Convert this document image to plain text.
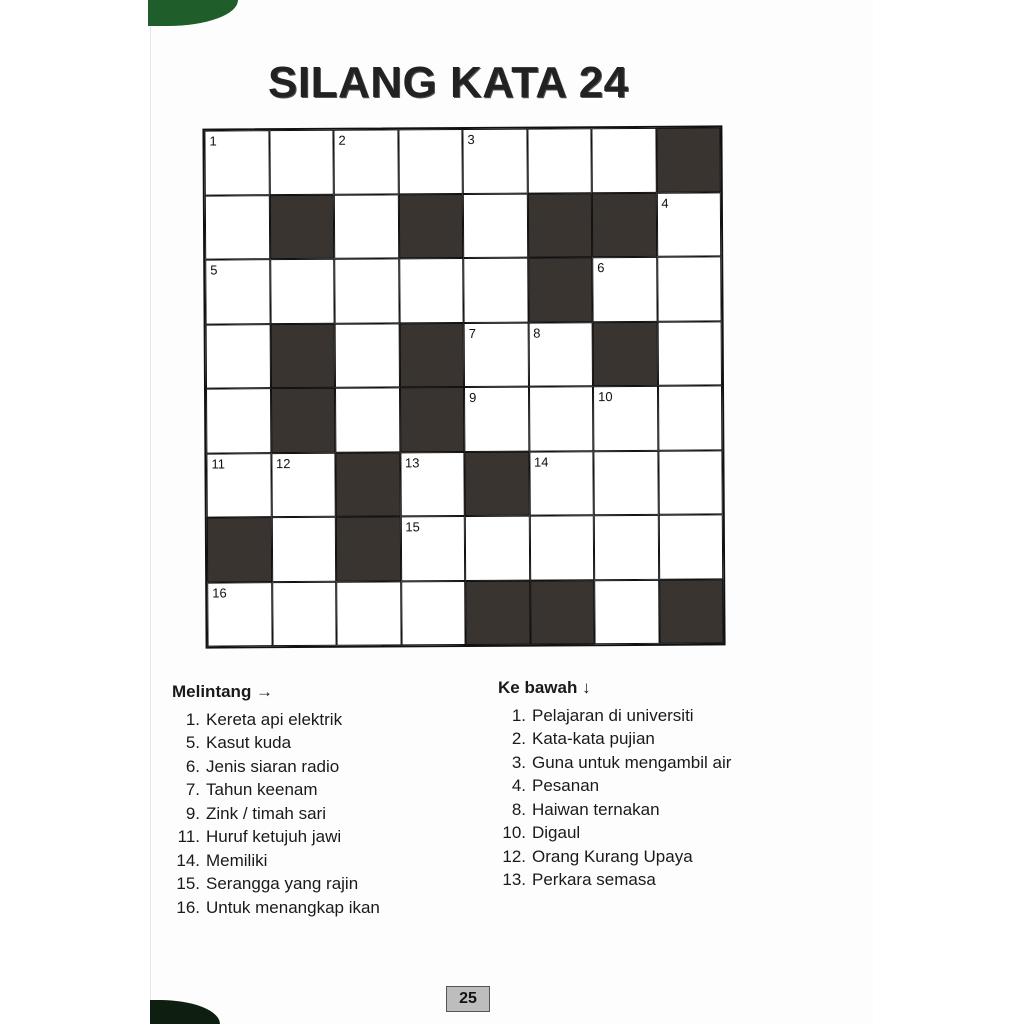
SILANG KATA 24
1	2	3
4
5	6
7	8
9	10
11	12	13	14
15
16
Melintang →
1. Kereta api elektrik
5. Kasut kuda
6. Jenis siaran radio
7. Tahun keenam
9. Zink / timah sari
11. Huruf ketujuh jawi
14. Memiliki
15. Serangga yang rajin
16. Untuk menangkap ikan
Ke bawah ↓
1. Pelajaran di universiti
2. Kata-kata pujian
3. Guna untuk mengambil air
4. Pesanan
8. Haiwan ternakan
10. Digaul
12. Orang Kurang Upaya
13. Perkara semasa
25
